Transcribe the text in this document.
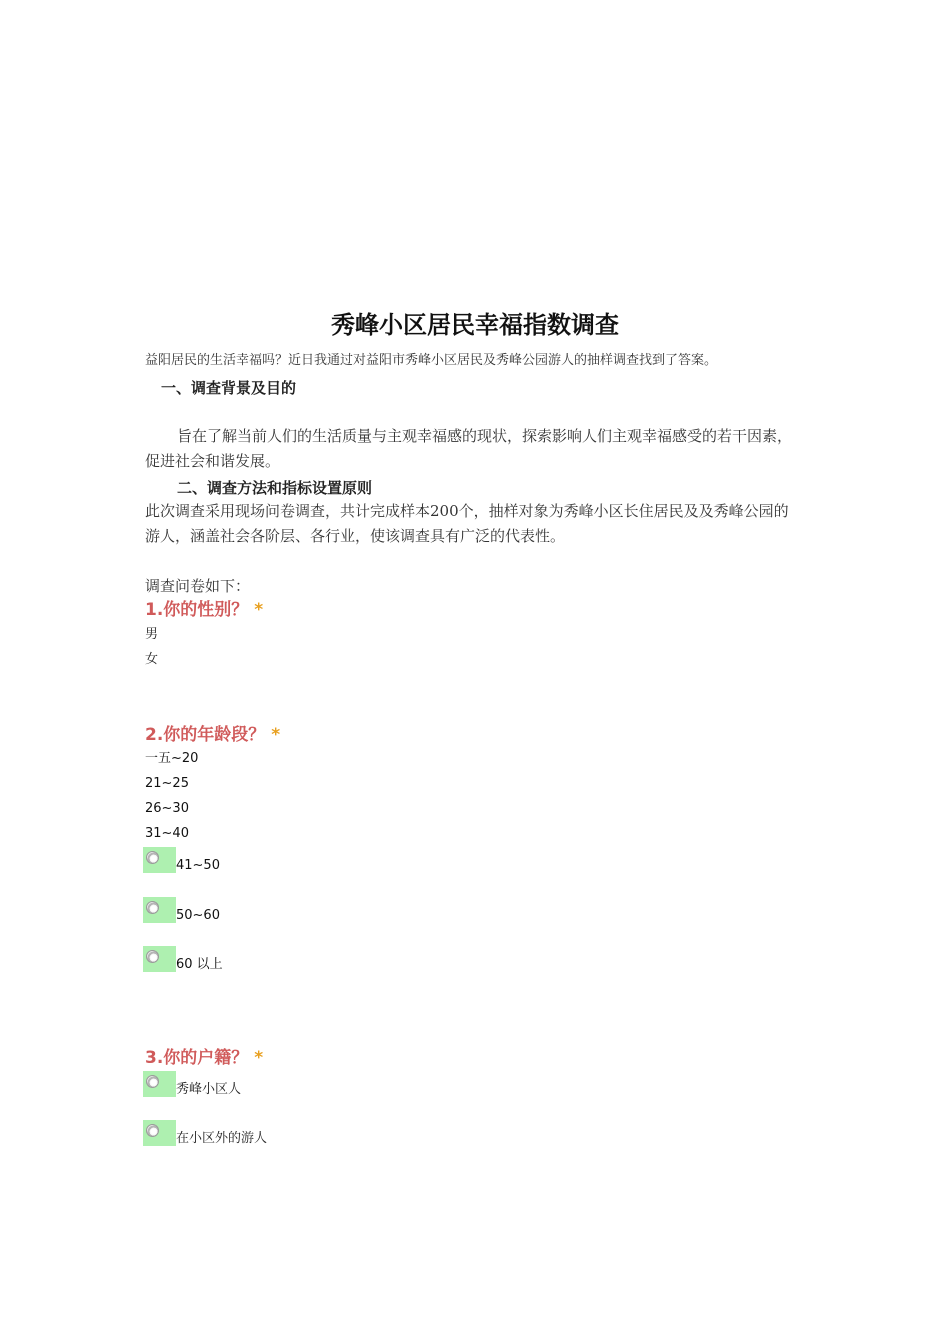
秀峰小区居民幸福指数调查
益阳居民的生活幸福吗？近日我通过对益阳市秀峰小区居民及秀峰公园游人的抽样调查找到了答案。
一、调查背景及目的
旨在了解当前人们的生活质量与主观幸福感的现状，探索影响人们主观幸福感受的若干因素，促进社会和谐发展。
二、调查方法和指标设置原则
此次调查采用现场问卷调查，共计完成样本200个，抽样对象为秀峰小区长住居民及及秀峰公园的游人，涵盖社会各阶层、各行业，使该调查具有广泛的代表性。
调查问卷如下：
1.你的性别？ *
男
女
2.你的年龄段？ *
一五~20
21~25
26~30
31~40
41~50
50~60
60 以上
3.你的户籍？ *
秀峰小区人
在小区外的游人
